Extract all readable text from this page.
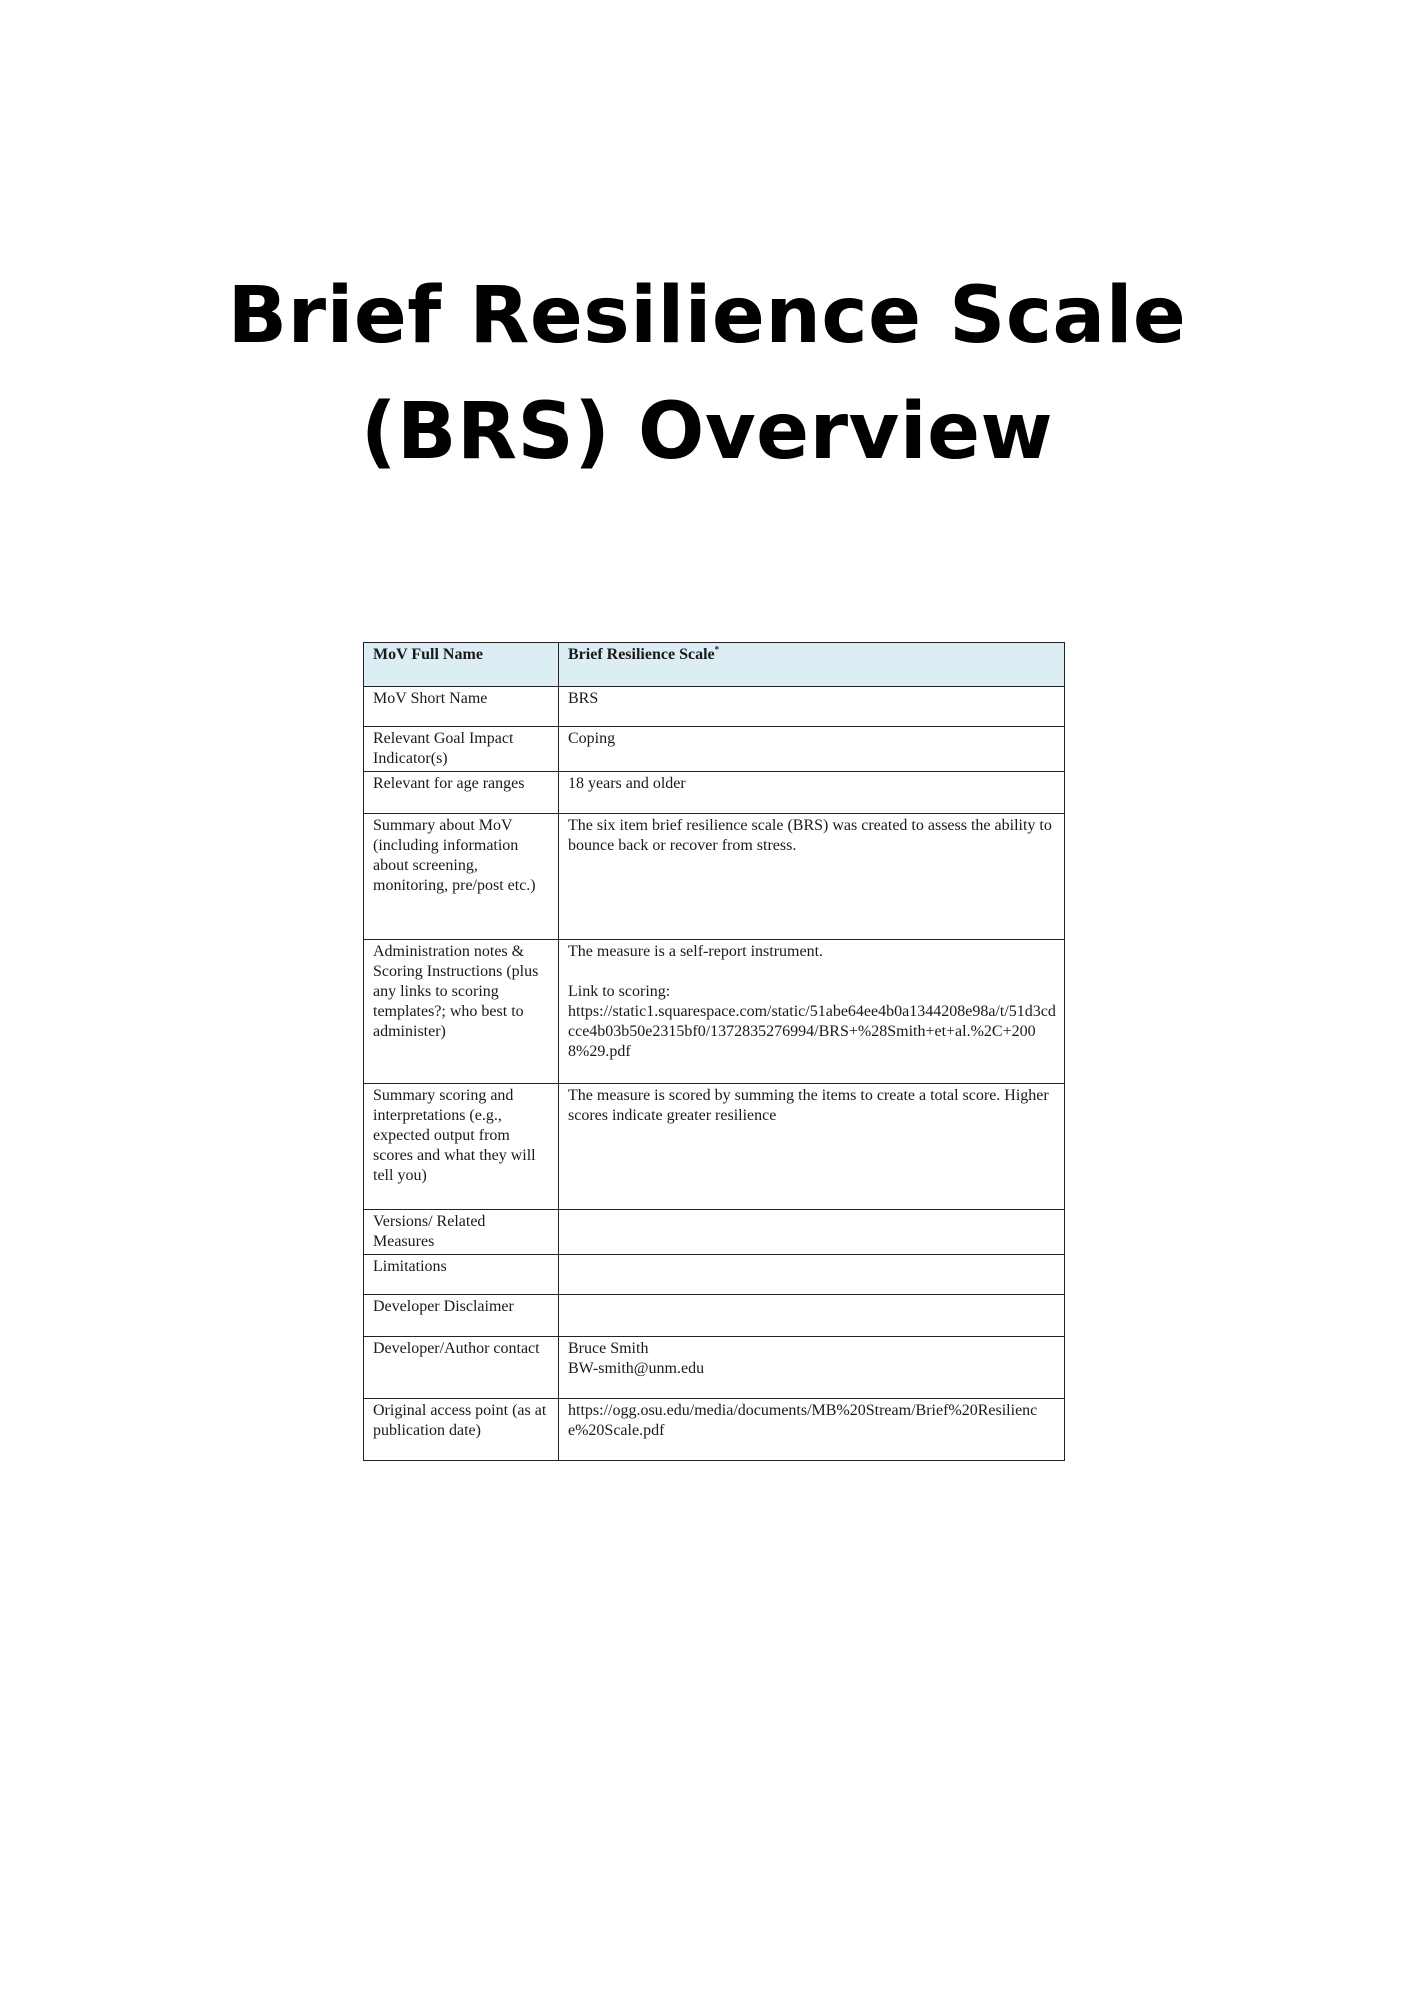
Brief Resilience Scale
(BRS) Overview
MoV Full Name	Brief Resilience Scale*
MoV Short Name	BRS
Relevant Goal Impact Indicator(s)	Coping
Relevant for age ranges	18 years and older
Summary about MoV (including information about screening, monitoring, pre/post etc.)	The six item brief resilience scale (BRS) was created to assess the ability to bounce back or recover from stress.
Administration notes & Scoring Instructions (plus any links to scoring templates?; who best to administer)	The measure is a self-report instrument.
Link to scoring:
https://static1.squarespace.com/static/51abe64ee4b0a1344208e98a/t/51d3cdcce4b03b50e2315bf0/1372835276994/BRS+%28Smith+et+al.%2C+2008%29.pdf

Summary scoring and interpretations (e.g., expected output from scores and what they will tell you)	The measure is scored by summing the items to create a total score. Higher scores indicate greater resilience
Versions/ Related Measures	
Limitations	
Developer Disclaimer	
Developer/Author contact	Bruce Smith
BW-smith@unm.edu

Original access point (as at publication date)	https://ogg.osu.edu/media/documents/MB%20Stream/Brief%20Resilience%20Scale.pdf
